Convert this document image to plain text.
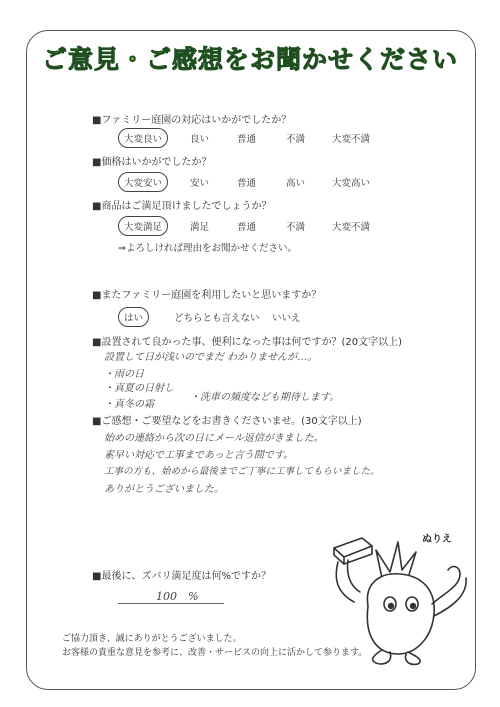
ご意見・ご感想をお聞かせください
■ファミリー庭園の対応はいかがでしたか？
大変良い	良い	普通	不満	大変不満
■価格はいかがでしたか？
大変安い	安い	普通	高い	大変高い
■商品はご満足頂けましたでしょうか？
大変満足	満足	普通	不満	大変不満
⇒よろしければ理由をお聞かせください。
■またファミリー庭園を利用したいと思いますか？
はい	どちらとも言えない いいえ
■設置されて良かった事、便利になった事は何ですか？(20文字以上)
設置して日が浅いのでまだ わかりませんが…。
・雨の日
・真夏の日射し
・真冬の霜
・洗車の頻度なども期待します。
■ご感想・ご要望などをお書きくださいませ。(30文字以上)
始めの連絡から次の日にメール返信がきました。
素早い対応で工事まであっと言う間です。
工事の方も、始めから最後までご丁寧に工事してもらいました。
ありがとうございました。
■最後に、ズバリ満足度は何%ですか？
100　%
ぬりえ
ご協力頂き、誠にありがとうございました。
お客様の貴重な意見を参考に、改善・サービスの向上に活かして参ります。
